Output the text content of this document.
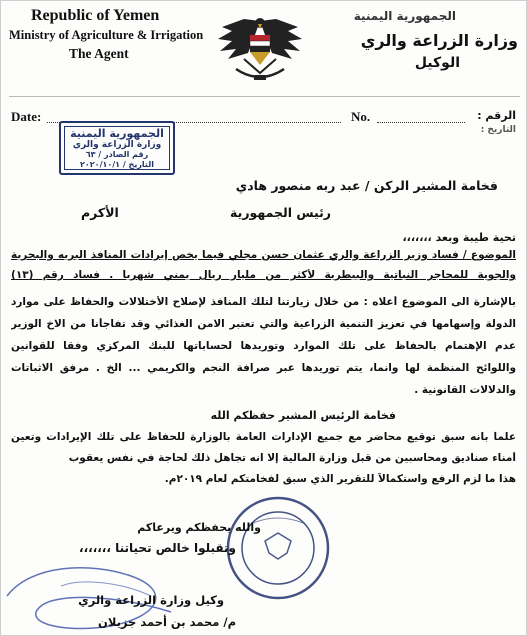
Republic of Yemen
Ministry of Agriculture & Irrigation
The Agent
الجمهورية اليمنية
وزارة الزراعة والري
الوكيل
Date:	No.	الرقم :
التاريخ :
الجمهورية اليمنية
وزارة الزراعة والري
رقم الصادر / ٦٣
التاريخ / ٢٠٢٠/١٠/١
فخامة المشير الركن / عبد ربه منصور هادي
رئيس الجمهورية
الأكرم
تحية طيبة وبعد ،،،،،،،
الموضوع / فساد وزير الزراعة والري عثمان حسن مجلي فيما يخص إيرادات المنافذ البريه والبحرية
والجوية للمحاجر النباتية والبيطرية لأكثر من مليار ريال يمني شهرياً . فساد رقم (١٣)
بالإشارة الى الموضوع أعلاه : من خلال زيارتنا لتلك المنافذ لإصلاح الأختلالات والحفاظ على موارد
الدولة وإسهامها في تعزيز التنمية الزراعية والتي تعتبر الامن الغذائي وقد تفاجأنا من الاخ الوزير
عدم الإهتمام بالحفاظ على تلك الموارد وتوريدها لحساباتها للبنك المركزي وفقاً للقوانين
واللوائح المنظمة لها وانما، يتم توريدها عبر صرافة النجم والكريمي ... الخ . مرفق الاثباتات
والدلالات القانونية .
فخامة الرئيس المشير حفظكم الله
علماً بانه سبق توقيع محاضر مع جميع الإدارات العامة بالوزارة للحفاظ على تلك الإيرادات وتعين
أمناء صناديق ومحاسبين من قبل وزارة المالية إلا انه تجاهل ذلك لحاجة في نفس يعقوب
هذا ما لزم الرفع واستكمالاً للتقرير الذي سبق لفخامتكم لعام ٢٠١٩م.
والله يحفظكم ويرعاكم
وتقبلوا خالص تحياتنا ،،،،،،،
وكيل وزارة الزراعة والري
م/ محمد بن أحمد جزيلان
